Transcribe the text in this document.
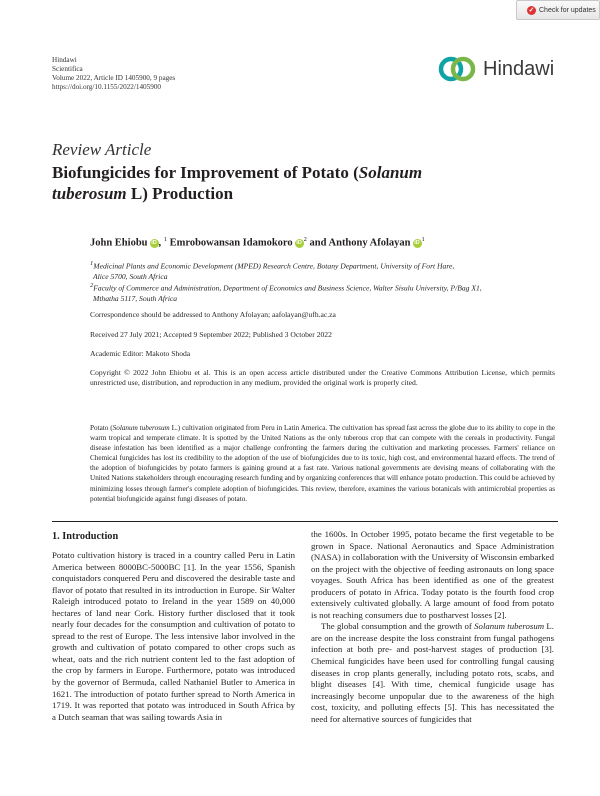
✓ Check for updates
Hindawi
Scientifica
Volume 2022, Article ID 1405900, 9 pages
https://doi.org/10.1155/2022/1405900
Hindawi
Review Article
Biofungicides for Improvement of Potato (Solanum
tuberosum L) Production
John Ehiobu iD , $^1$ Emrobowansan Idamokoro iD $^2$ and Anthony Afolayan iD $^1$
1Medicinal Plants and Economic Development (MPED) Research Centre, Botany Department, University of Fort Hare,
Alice 5700, South Africa
2Faculty of Commerce and Administration, Department of Economics and Business Science, Walter Sisulu University, P/Bag X1,
Mthatha 5117, South Africa
Correspondence should be addressed to Anthony Afolayan; aafolayan@ufh.ac.za
Received 27 July 2021; Accepted 9 September 2022; Published 3 October 2022
Academic Editor: Makoto Shoda
Copyright © 2022 John Ehiobu et al. This is an open access article distributed under the Creative Commons Attribution License, which permits unrestricted use, distribution, and reproduction in any medium, provided the original work is properly cited.
Potato (Solanum tuberosum L.) cultivation originated from Peru in Latin America. The cultivation has spread fast across the globe due to its ability to cope in the warm tropical and temperate climate. It is spotted by the United Nations as the only tuberous crop that can compete with the cereals in productivity. Fungal disease infestation has been identified as a major challenge confronting the farmers during the cultivation and marketing processes. Farmers' reliance on Chemical fungicides has lost its credibility to the adoption of the use of biofungicides due to its toxic, high cost, and environmental hazard effects. The trend of the adoption of biofungicides by potato farmers is gaining ground at a fast rate. Various national governments are devising means of collaborating with the United Nations stakeholders through encouraging research funding and by organizing conferences that will enhance potato production. This could be achieved by minimizing losses through farmer's complete adoption of biofungicides. This review, therefore, examines the various botanicals with antimicrobial properties as potential biofungicide against fungi diseases of potato.
1. Introduction

Potato cultivation history is traced in a country called Peru in Latin America between 8000BC-5000BC [1]. In the year 1556, Spanish conquistadors conquered Peru and discovered the desirable taste and flavor of potato that resulted in its introduction in Europe. Sir Walter Raleigh introduced potato to Ireland in the year 1589 on 40,000 hectares of land near Cork. History further disclosed that it took nearly four decades for the consumption and cultivation of potato to spread to the rest of Europe. The less intensive labor involved in the growth and cultivation of potato compared to other crops such as wheat, oats and the rich nutrient content led to the fast adoption of the crop by farmers in Europe. Furthermore, potato was introduced by the governor of Bermuda, called Nathaniel Butler to America in 1621. The introduction of potato further spread to North America in 1719. It was reported that potato was introduced in South Africa by a Dutch seaman that was sailing towards Asia in

the 1600s. In October 1995, potato became the first vegetable to be grown in Space. National Aeronautics and Space Administration (NASA) in collaboration with the University of Wisconsin embarked on the project with the objective of feeding astronauts on long space voyages. South Africa has been identified as one of the greatest producers of potato in Africa. Today potato is the fourth food crop extensively cultivated globally. A large amount of food from potato is not reaching consumers due to postharvest losses [2].

The global consumption and the growth of Solanum tuberosum L. are on the increase despite the loss constraint from fungal pathogens infection at both pre- and post-harvest stages of production [3]. Chemical fungicides have been used for controlling fungal causing diseases in crop plants generally, including potato rots, scabs, and blight diseases [4]. With time, chemical fungicide usage has increasingly become unpopular due to the awareness of the high cost, toxicity, and polluting effects [5]. This has necessitated the need for alternative sources of fungicides that
